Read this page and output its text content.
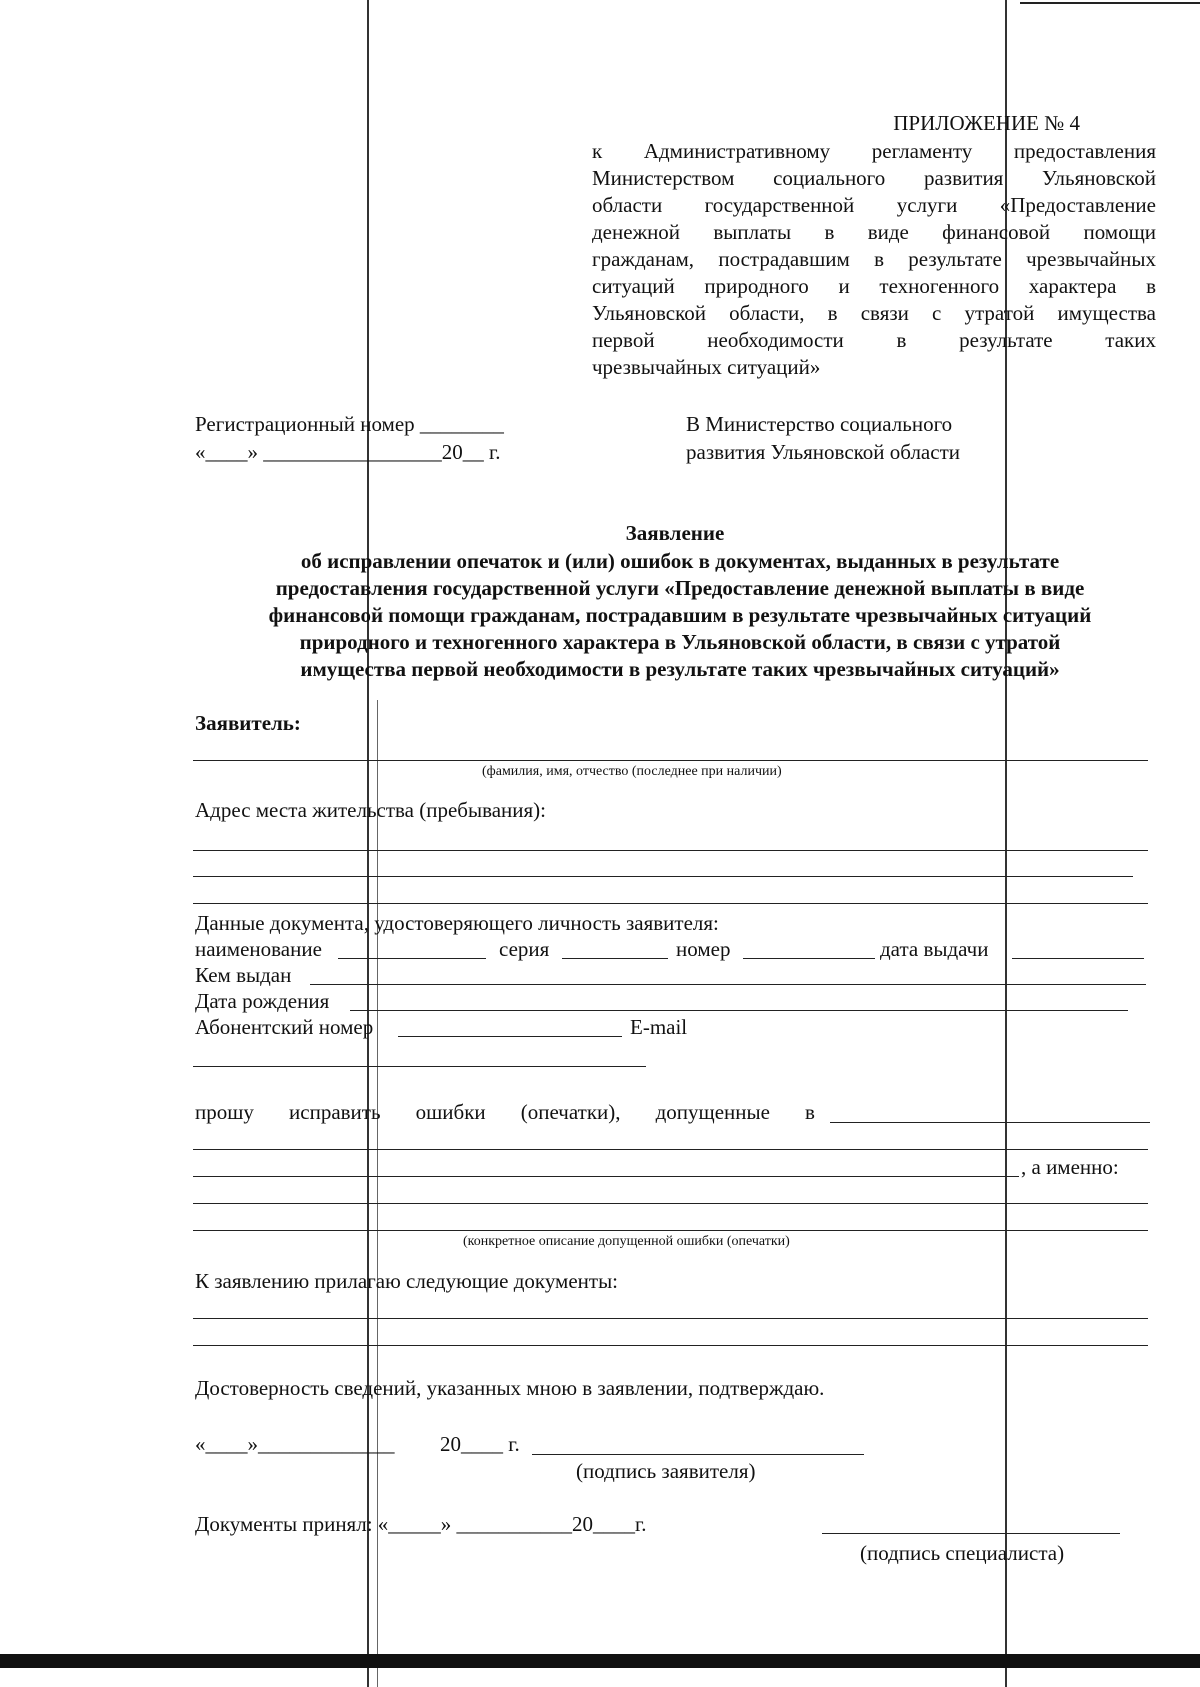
ПРИЛОЖЕНИЕ № 4
к Административному регламенту предоставления
Министерством социального развития Ульяновской
области государственной услуги «Предоставление
денежной выплаты в виде финансовой помощи
гражданам, пострадавшим в результате чрезвычайных
ситуаций природного и техногенного характера в
Ульяновской области, в связи с утратой имущества
первой необходимости в результате таких
чрезвычайных ситуаций»
Регистрационный номер ________
«____» _________________20__ г.
В Министерство социального
развития Ульяновской области
Заявление
об исправлении опечаток и (или) ошибок в документах, выданных в результате
предоставления государственной услуги «Предоставление денежной выплаты в виде
финансовой помощи гражданам, пострадавшим в результате чрезвычайных ситуаций
природного и техногенного характера в Ульяновской области, в связи с утратой
имущества первой необходимости в результате таких чрезвычайных ситуаций»
Заявитель:
(фамилия, имя, отчество (последнее при наличии)
Адрес места жительства (пребывания):
Данные документа, удостоверяющего личность заявителя:
наименование	серия	номер	дата выдачи
Кем выдан
Дата рождения
Абонентский номер	E-mail
прошу исправить ошибки (опечатки), допущенные в
, а именно:
(конкретное описание допущенной ошибки (опечатки)
К заявлению прилагаю следующие документы:
Достоверность сведений, указанных мною в заявлении, подтверждаю.
«____»_____________ 20____ г.
(подпись заявителя)
Документы принял: «_____» ___________20____г.
(подпись специалиста)
